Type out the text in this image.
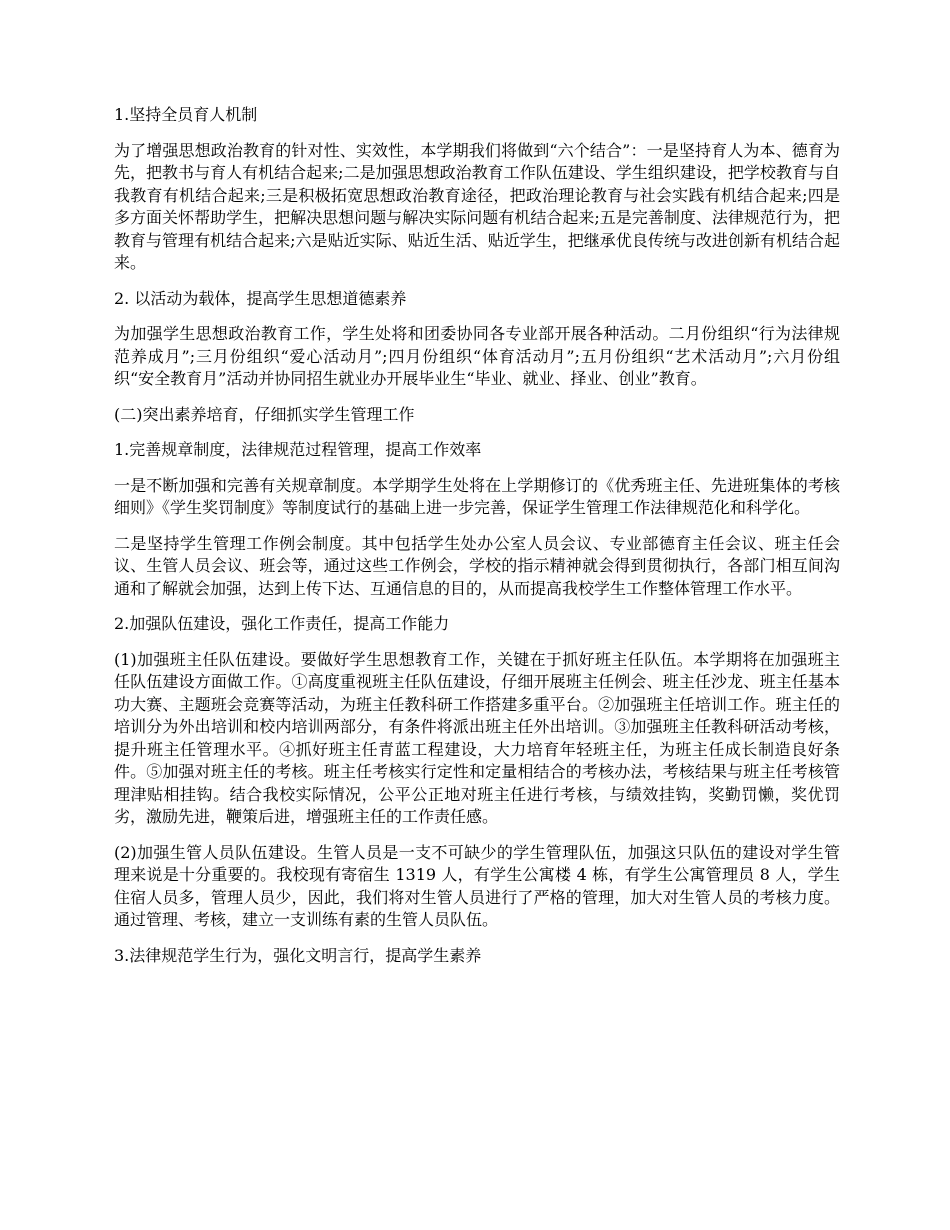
1.坚持全员育人机制

为了增强思想政治教育的针对性、实效性，本学期我们将做到“六个结合”：一是坚持育人为本、德育为先，把教书与育人有机结合起来;二是加强思想政治教育工作队伍建设、学生组织建设，把学校教育与自我教育有机结合起来;三是积极拓宽思想政治教育途径，把政治理论教育与社会实践有机结合起来;四是多方面关怀帮助学生，把解决思想问题与解决实际问题有机结合起来;五是完善制度、法律规范行为，把教育与管理有机结合起来;六是贴近实际、贴近生活、贴近学生，把继承优良传统与改进创新有机结合起来。

2. 以活动为载体，提高学生思想道德素养

为加强学生思想政治教育工作，学生处将和团委协同各专业部开展各种活动。二月份组织“行为法律规范养成月”;三月份组织“爱心活动月”;四月份组织“体育活动月”;五月份组织“艺术活动月”;六月份组织“安全教育月”活动并协同招生就业办开展毕业生“毕业、就业、择业、创业”教育。

(二)突出素养培育，仔细抓实学生管理工作

1.完善规章制度，法律规范过程管理，提高工作效率

一是不断加强和完善有关规章制度。本学期学生处将在上学期修订的《优秀班主任、先进班集体的考核细则》《学生奖罚制度》等制度试行的基础上进一步完善，保证学生管理工作法律规范化和科学化。

二是坚持学生管理工作例会制度。其中包括学生处办公室人员会议、专业部德育主任会议、班主任会议、生管人员会议、班会等，通过这些工作例会，学校的指示精神就会得到贯彻执行，各部门相互间沟通和了解就会加强，达到上传下达、互通信息的目的，从而提高我校学生工作整体管理工作水平。

2.加强队伍建设，强化工作责任，提高工作能力

(1)加强班主任队伍建设。要做好学生思想教育工作，关键在于抓好班主任队伍。本学期将在加强班主任队伍建设方面做工作。①高度重视班主任队伍建设，仔细开展班主任例会、班主任沙龙、班主任基本功大赛、主题班会竞赛等活动，为班主任教科研工作搭建多重平台。②加强班主任培训工作。班主任的培训分为外出培训和校内培训两部分，有条件将派出班主任外出培训。③加强班主任教科研活动考核，提升班主任管理水平。④抓好班主任青蓝工程建设，大力培育年轻班主任，为班主任成长制造良好条件。⑤加强对班主任的考核。班主任考核实行定性和定量相结合的考核办法，考核结果与班主任考核管理津贴相挂钩。结合我校实际情况，公平公正地对班主任进行考核，与绩效挂钩，奖勤罚懒，奖优罚劣，激励先进，鞭策后进，增强班主任的工作责任感。

(2)加强生管人员队伍建设。生管人员是一支不可缺少的学生管理队伍，加强这只队伍的建设对学生管理来说是十分重要的。我校现有寄宿生 1319 人，有学生公寓楼 4 栋，有学生公寓管理员 8 人，学生住宿人员多，管理人员少，因此，我们将对生管人员进行了严格的管理，加大对生管人员的考核力度。通过管理、考核，建立一支训练有素的生管人员队伍。

3.法律规范学生行为，强化文明言行，提高学生素养
